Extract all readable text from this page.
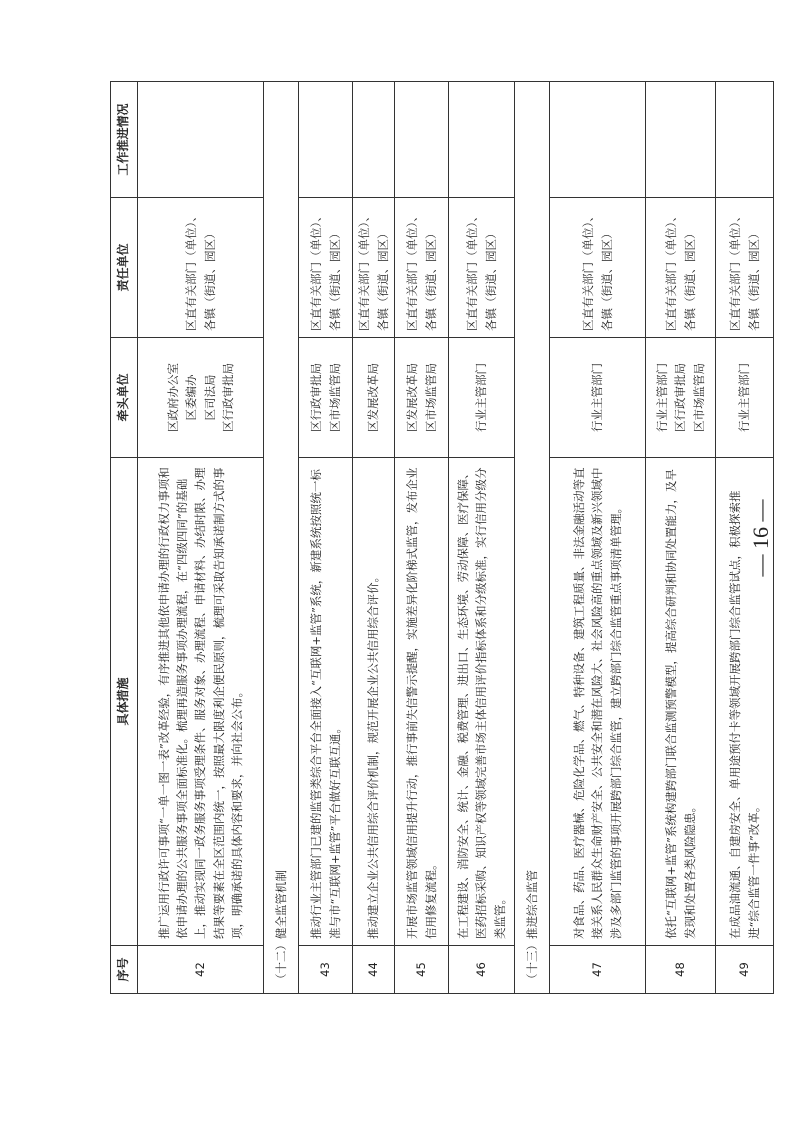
序号	具体措施	牵头单位	责任单位	工作推进情况
42	推广运用行政许可事项“一单一图一表”改革经验，有序推进其他依申请办理的行政权力事项和依申请办理的公共服务事项全面标准化。梳理再造服务事项办理流程，在“四级四同”的基础上，推动实现同一政务服务事项受理条件、服务对象、办理流程、申请材料、办结时限、办理结果等要素在全区范围内统一，按照最大限度利企便民原则，梳理可采取告知承诺制方式的事项，明确承诺的具体内容和要求，并向社会公布。	区政府办公室
区委编办
区司法局
区行政审批局	区直有关部门（单位）、各镇（街道、园区）	
（十二）健全监管机制				
43	推动行业主管部门已建的监管类综合平台全面接入“互联网+监管”系统，新建系统按照统一标准与市“互联网+监管”平台做好互联互通。	区行政审批局
区市场监管局	区直有关部门（单位）、各镇（街道、园区）	
44	推动建立企业公共信用综合评价机制，规范开展企业公共信用综合评价。	区发展改革局	区直有关部门（单位）、各镇（街道、园区）	
45	开展市场监管领域信用提升行动，推行事前失信警示提醒，实施差异化阶梯式监管，发布企业信用修复流程。	区发展改革局
区市场监管局	区直有关部门（单位）、各镇（街道、园区）	
46	在工程建设、消防安全、统计、金融、税费管理、进出口、生态环境、劳动保障、医疗保障、医药招标采购、知识产权等领域完善市场主体信用评价指标体系和分级标准，实行信用分级分类监管。	行业主管部门	区直有关部门（单位）、各镇（街道、园区）	
（十三）推进综合监管				
47	对食品、药品、医疗器械、危险化学品、燃气、特种设备、建筑工程质量、非法金融活动等直接关系人民群众生命财产安全、公共安全和潜在风险大、社会风险高的重点领域及新兴领域中涉及多部门监管的事项开展跨部门综合监管，建立跨部门综合监管重点事项清单管理。	行业主管部门	区直有关部门（单位）、各镇（街道、园区）	
48	依托“互联网+监管”系统构建跨部门联合监测预警模型，提高综合研判和协同处置能力，及早发现和处置各类风险隐患。	行业主管部门
区行政审批局
区市场监管局	区直有关部门（单位）、各镇（街道、园区）	
49	在成品油流通、自建房安全、单用途预付卡等领域开展跨部门综合监管试点，积极探索推进“综合监管一件事”改革。	行业主管部门	区直有关部门（单位）、各镇（街道、园区）	
— 16 —
